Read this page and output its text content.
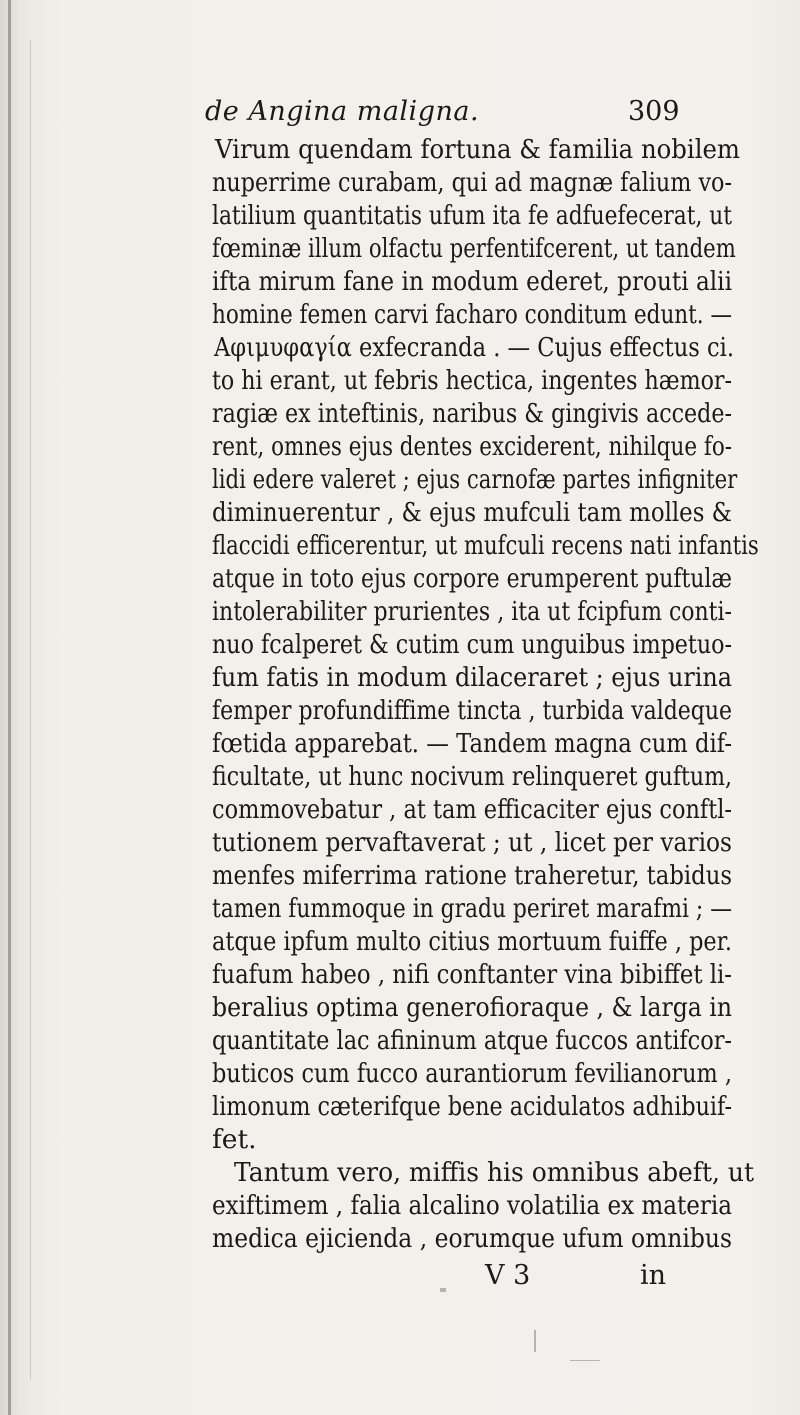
de Angina maligna.	309
Virum quendam fortuna & familia nobilem
nuperrime curabam, qui ad magnæ falium vo-
latilium quantitatis ufum ita fe adfuefecerat, ut
fœminæ illum olfactu perfentifcerent, ut tandem
ifta mirum fane in modum ederet, prouti alii
homine femen carvi facharo conditum edunt. —
Αφιμυφαγία exfecranda . — Cujus effectus ci.
to hi erant, ut febris hectica, ingentes hæmor-
ragiæ ex inteftinis, naribus & gingivis accede-
rent, omnes ejus dentes exciderent, nihilque fo-
lidi edere valeret ; ejus carnofæ partes infigniter
diminuerentur , & ejus mufculi tam molles &
flaccidi efficerentur, ut mufculi recens nati infantis
atque in toto ejus corpore erumperent puftulæ
intolerabiliter prurientes , ita ut fcipfum conti-
nuo fcalperet & cutim cum unguibus impetuo-
fum fatis in modum dilaceraret ; ejus urina
femper profundiffime tincta , turbida valdeque
fœtida apparebat. — Tandem magna cum dif-
ficultate, ut hunc nocivum relinqueret guftum,
commovebatur , at tam efficaciter ejus conftl-
tutionem pervaftaverat ; ut , licet per varios
menfes miferrima ratione traheretur, tabidus
tamen fummoque in gradu periret marafmi ; —
atque ipfum multo citius mortuum fuiffe , per.
fuafum habeo , nifi conftanter vina bibiffet li-
beralius optima generofioraque , & larga in
quantitate lac afininum atque fuccos antifcor-
buticos cum fucco aurantiorum fevilianorum ,
limonum cæterifque bene acidulatos adhibuif-
fet.
Tantum vero, miffis his omnibus abeft, ut
exiftimem , falia alcalino volatilia ex materia
medica ejicienda , eorumque ufum omnibus
V 3	in
